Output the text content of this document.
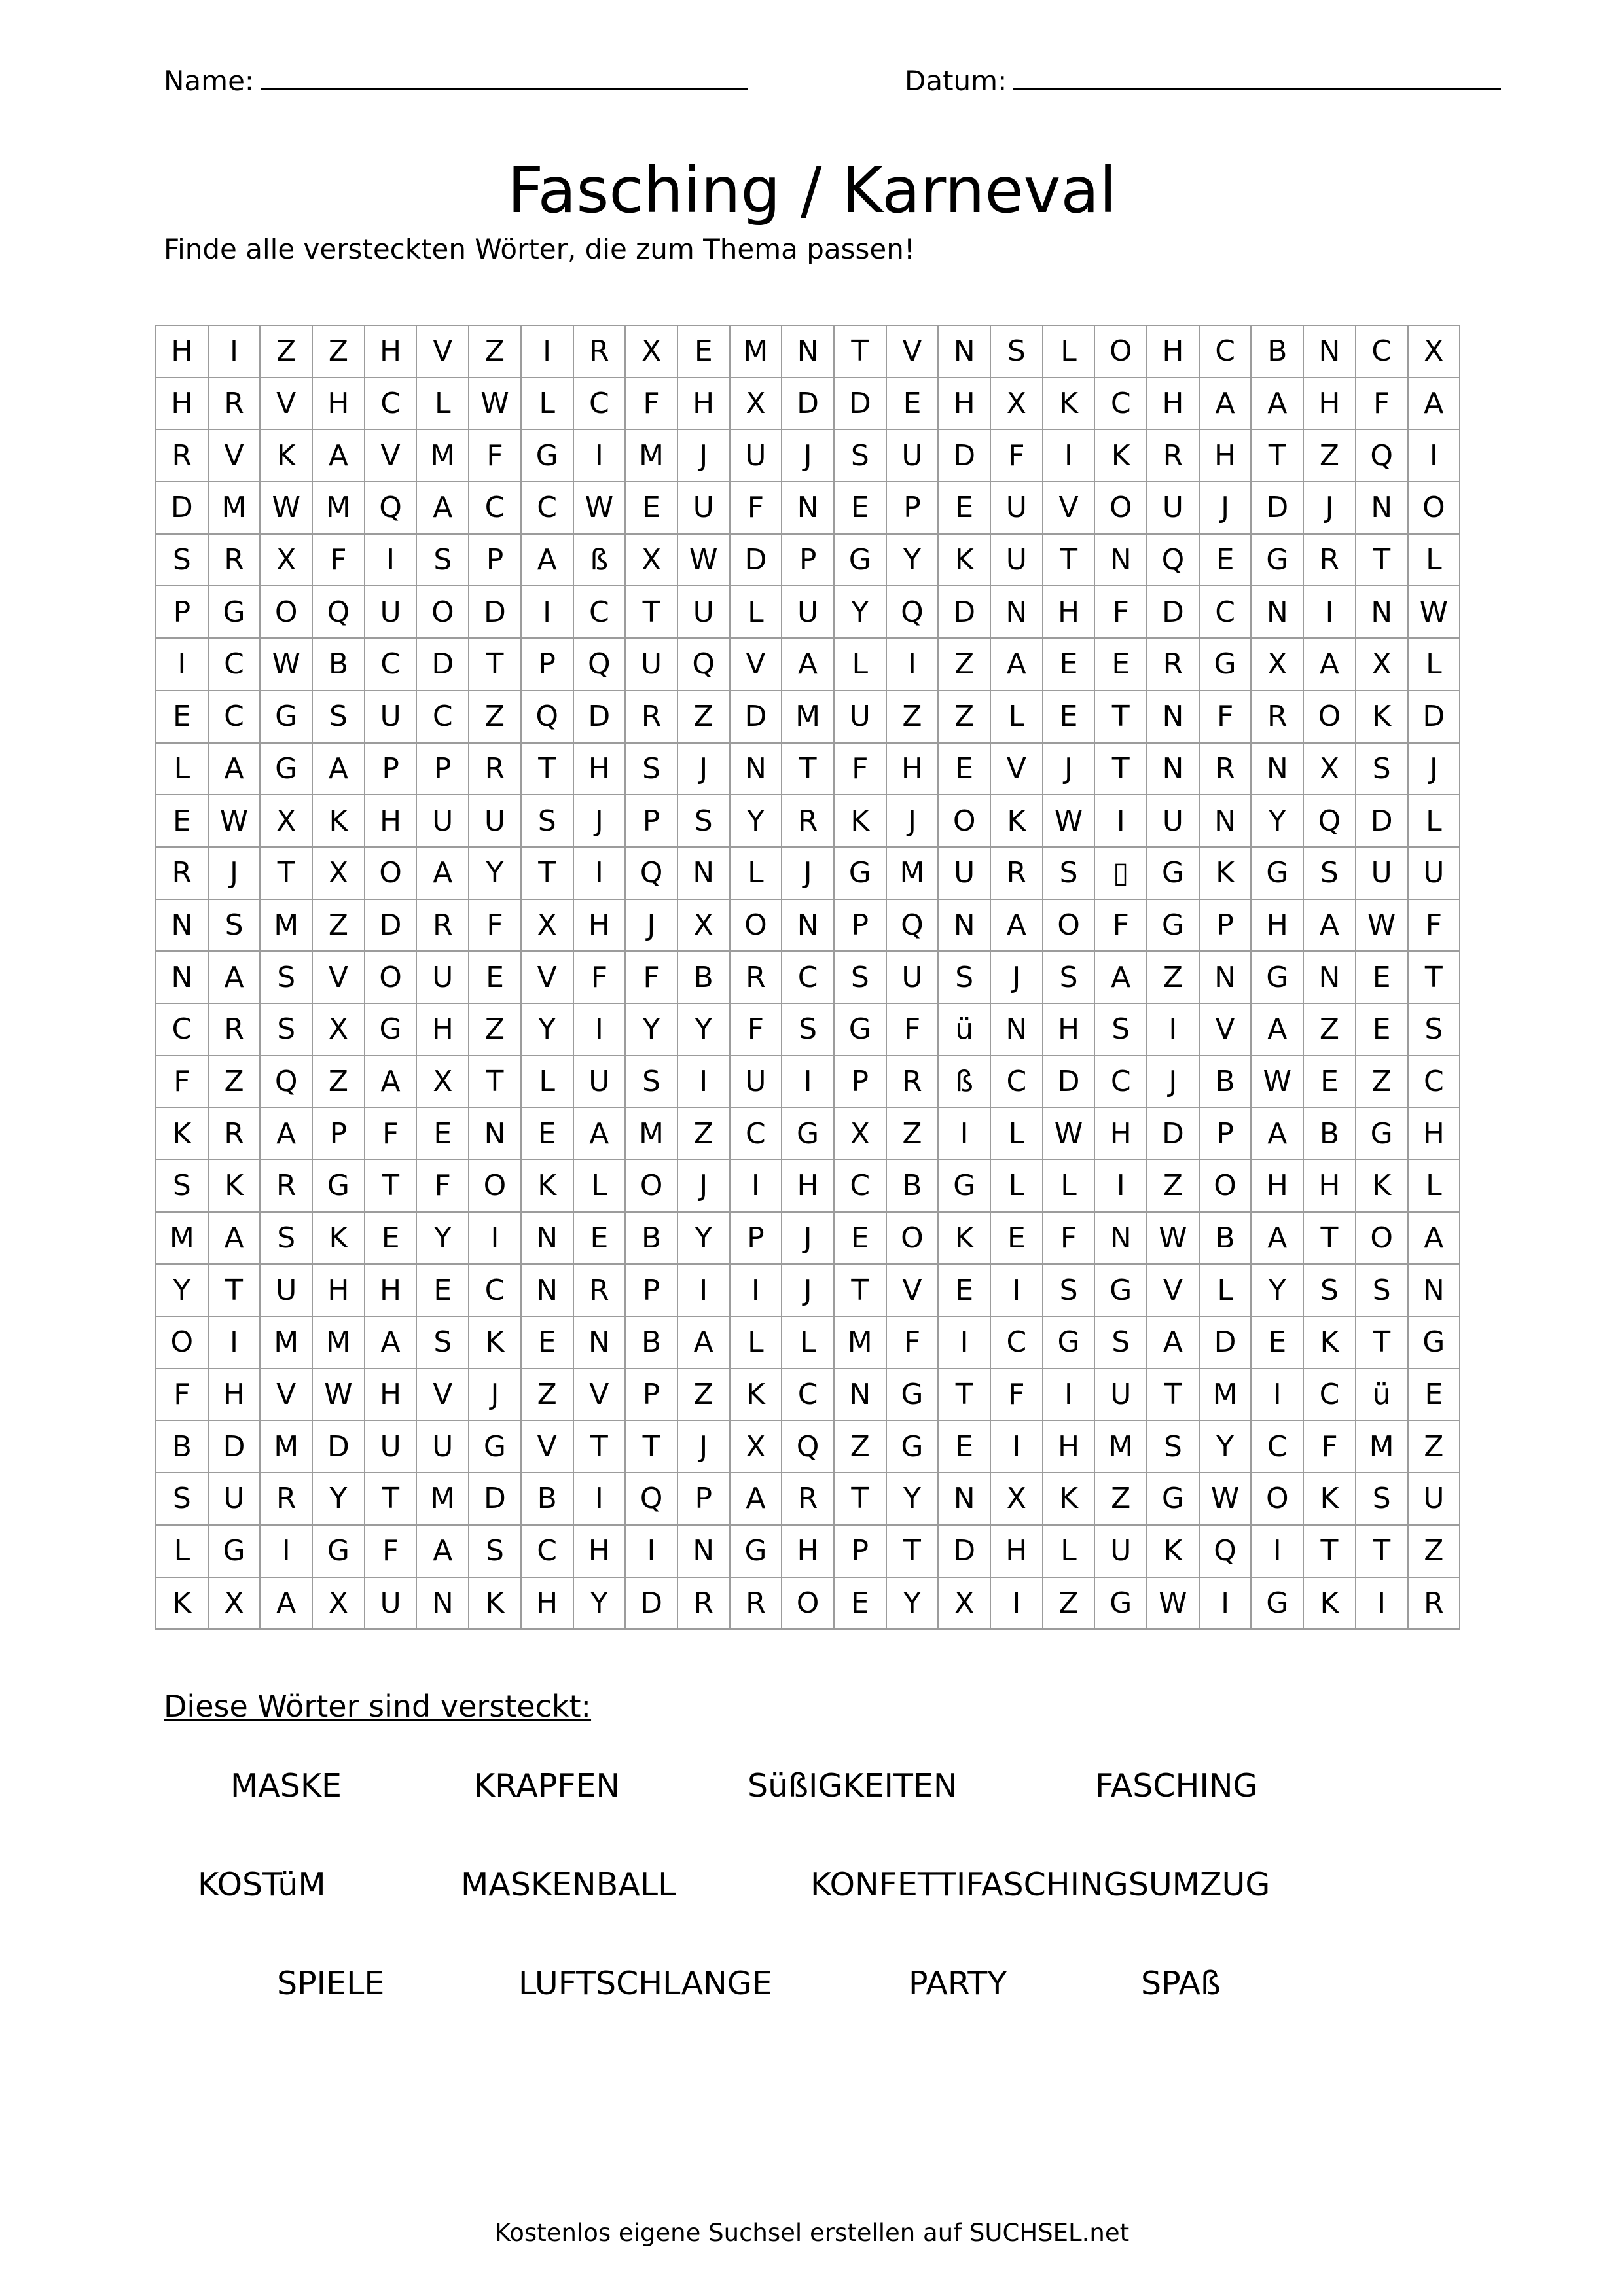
Name:	Datum:
Fasching / Karneval
Finde alle versteckten Wörter, die zum Thema passen!
H	I	Z	Z	H	V	Z	I	R	X	E	M	N	T	V	N	S	L	O	H	C	B	N	C	X
H	R	V	H	C	L	W	L	C	F	H	X	D	D	E	H	X	K	C	H	A	A	H	F	A
R	V	K	A	V	M	F	G	I	M	J	U	J	S	U	D	F	I	K	R	H	T	Z	Q	I
D	M	W	M	Q	A	C	C	W	E	U	F	N	E	P	E	U	V	O	U	J	D	J	N	O
S	R	X	F	I	S	P	A	ß	X	W	D	P	G	Y	K	U	T	N	Q	E	G	R	T	L
P	G	O	Q	U	O	D	I	C	T	U	L	U	Y	Q	D	N	H	F	D	C	N	I	N	W
I	C	W	B	C	D	T	P	Q	U	Q	V	A	L	I	Z	A	E	E	R	G	X	A	X	L
E	C	G	S	U	C	Z	Q	D	R	Z	D	M	U	Z	Z	L	E	T	N	F	R	O	K	D
L	A	G	A	P	P	R	T	H	S	J	N	T	F	H	E	V	J	T	N	R	N	X	S	J
E	W	X	K	H	U	U	S	J	P	S	Y	R	K	J	O	K	W	I	U	N	Y	Q	D	L
R	J	T	X	O	A	Y	T	I	Q	N	L	J	G	M	U	R	S	▯	G	K	G	S	U	U
N	S	M	Z	D	R	F	X	H	J	X	O	N	P	Q	N	A	O	F	G	P	H	A	W	F
N	A	S	V	O	U	E	V	F	F	B	R	C	S	U	S	J	S	A	Z	N	G	N	E	T
C	R	S	X	G	H	Z	Y	I	Y	Y	F	S	G	F	ü	N	H	S	I	V	A	Z	E	S
F	Z	Q	Z	A	X	T	L	U	S	I	U	I	P	R	ß	C	D	C	J	B	W	E	Z	C
K	R	A	P	F	E	N	E	A	M	Z	C	G	X	Z	I	L	W	H	D	P	A	B	G	H
S	K	R	G	T	F	O	K	L	O	J	I	H	C	B	G	L	L	I	Z	O	H	H	K	L
M	A	S	K	E	Y	I	N	E	B	Y	P	J	E	O	K	E	F	N	W	B	A	T	O	A
Y	T	U	H	H	E	C	N	R	P	I	I	J	T	V	E	I	S	G	V	L	Y	S	S	N
O	I	M	M	A	S	K	E	N	B	A	L	L	M	F	I	C	G	S	A	D	E	K	T	G
F	H	V	W	H	V	J	Z	V	P	Z	K	C	N	G	T	F	I	U	T	M	I	C	ü	E
B	D	M	D	U	U	G	V	T	T	J	X	Q	Z	G	E	I	H	M	S	Y	C	F	M	Z
S	U	R	Y	T	M	D	B	I	Q	P	A	R	T	Y	N	X	K	Z	G	W	O	K	S	U
L	G	I	G	F	A	S	C	H	I	N	G	H	P	T	D	H	L	U	K	Q	I	T	T	Z
K	X	A	X	U	N	K	H	Y	D	R	R	O	E	Y	X	I	Z	G	W	I	G	K	I	R
Diese Wörter sind versteckt:
MASKE	KRAPFEN	SüßIGKEITEN	FASCHING
KOSTüM	MASKENBALL	KONFETTIFASCHINGSUMZUG
SPIELE	LUFTSCHLANGE	PARTY	SPAß
Kostenlos eigene Suchsel erstellen auf SUCHSEL.net
